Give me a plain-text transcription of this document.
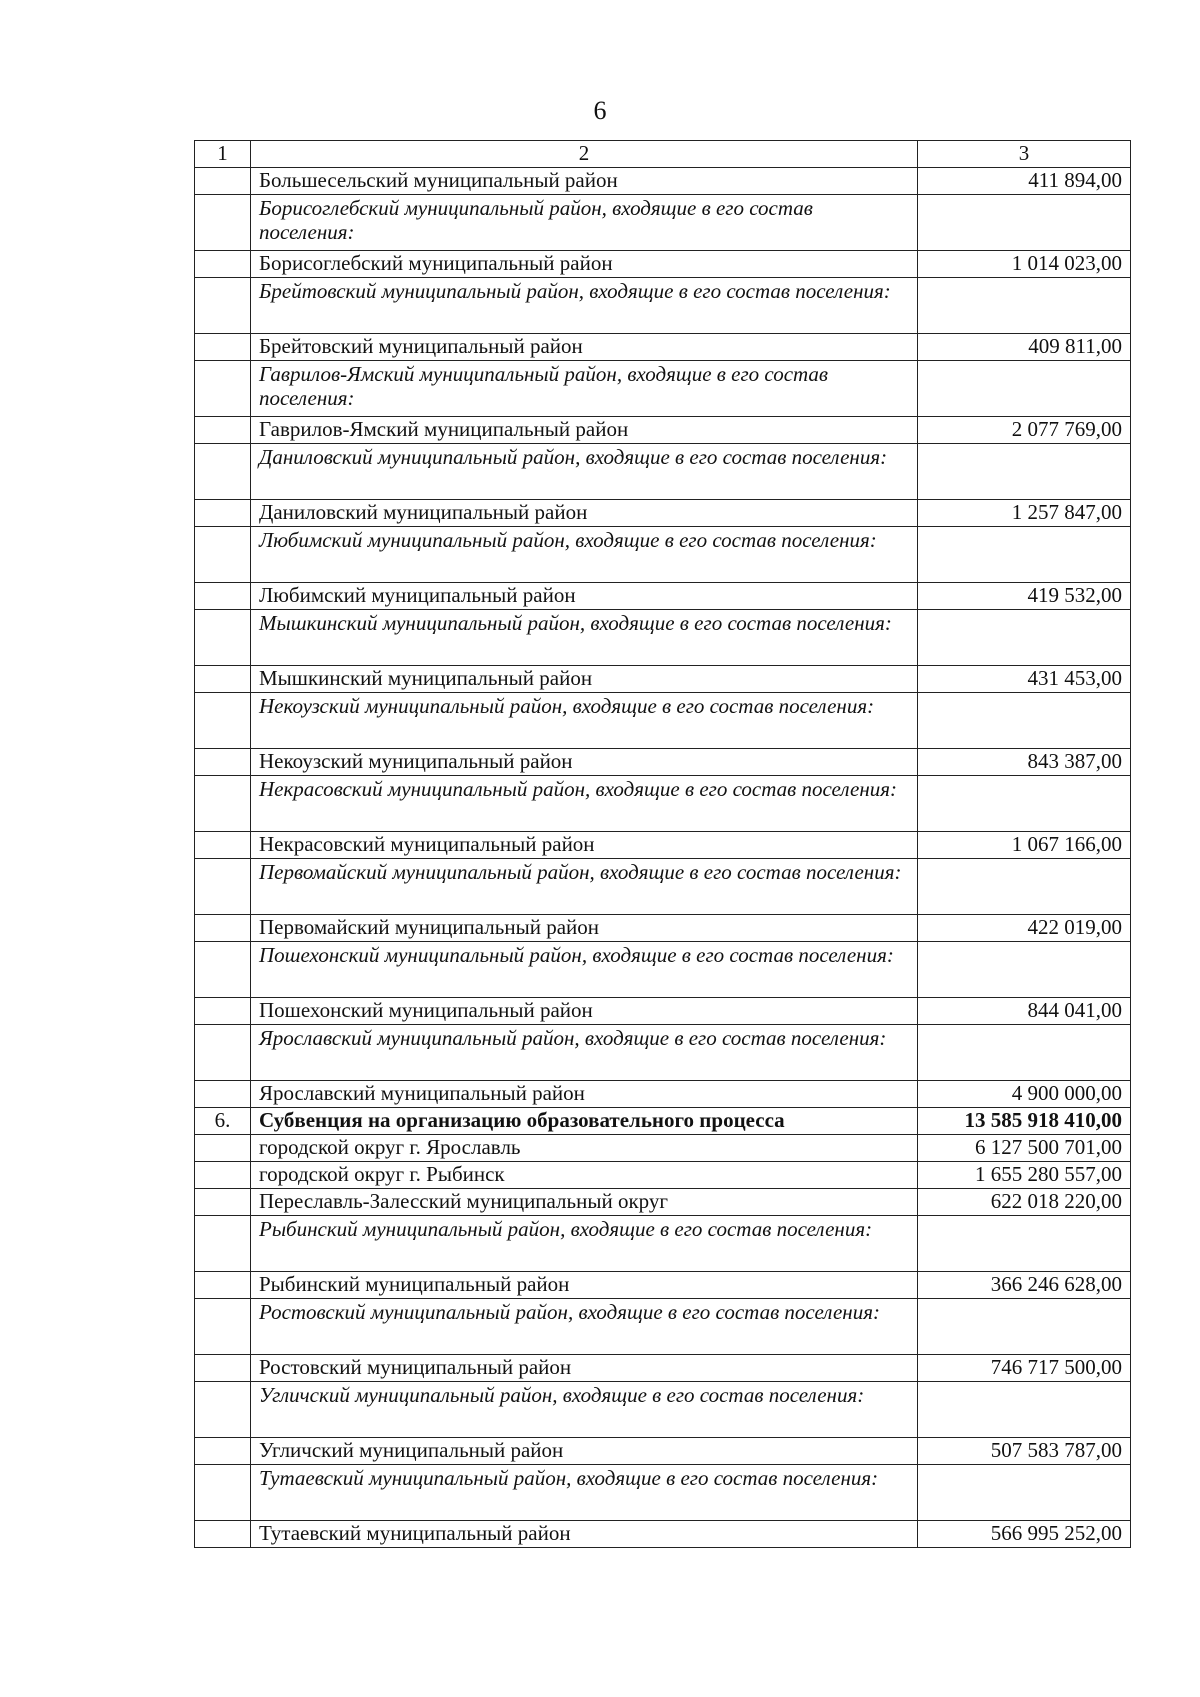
6
1	2	3
	Большесельский муниципальный район	411 894,00
	Борисоглебский муниципальный район, входящие в его состав поселения:	
	Борисоглебский муниципальный район	1 014 023,00
	Брейтовский муниципальный район, входящие в его состав поселения:	
	Брейтовский муниципальный район	409 811,00
	Гаврилов-Ямский муниципальный район, входящие в его состав поселения:	
	Гаврилов-Ямский муниципальный район	2 077 769,00
	Даниловский муниципальный район, входящие в его состав поселения:	
	Даниловский муниципальный район	1 257 847,00
	Любимский муниципальный район, входящие в его состав поселения:	
	Любимский муниципальный район	419 532,00
	Мышкинский муниципальный район, входящие в его состав поселения:	
	Мышкинский муниципальный район	431 453,00
	Некоузский муниципальный район, входящие в его состав поселения:	
	Некоузский муниципальный район	843 387,00
	Некрасовский муниципальный район, входящие в его состав поселения:	
	Некрасовский муниципальный район	1 067 166,00
	Первомайский муниципальный район, входящие в его состав поселения:	
	Первомайский муниципальный район	422 019,00
	Пошехонский муниципальный район, входящие в его состав поселения:	
	Пошехонский муниципальный район	844 041,00
	Ярославский муниципальный район, входящие в его состав поселения:	
	Ярославский муниципальный район	4 900 000,00
6.	Субвенция на организацию образовательного процесса	13 585 918 410,00
	городской округ г. Ярославль	6 127 500 701,00
	городской округ г. Рыбинск	1 655 280 557,00
	Переславль-Залесский муниципальный округ	622 018 220,00
	Рыбинский муниципальный район, входящие в его состав поселения:	
	Рыбинский муниципальный район	366 246 628,00
	Ростовский муниципальный район, входящие в его состав поселения:	
	Ростовский муниципальный район	746 717 500,00
	Угличский муниципальный район, входящие в его состав поселения:	
	Угличский муниципальный район	507 583 787,00
	Тутаевский муниципальный район, входящие в его состав поселения:	
	Тутаевский муниципальный район	566 995 252,00
